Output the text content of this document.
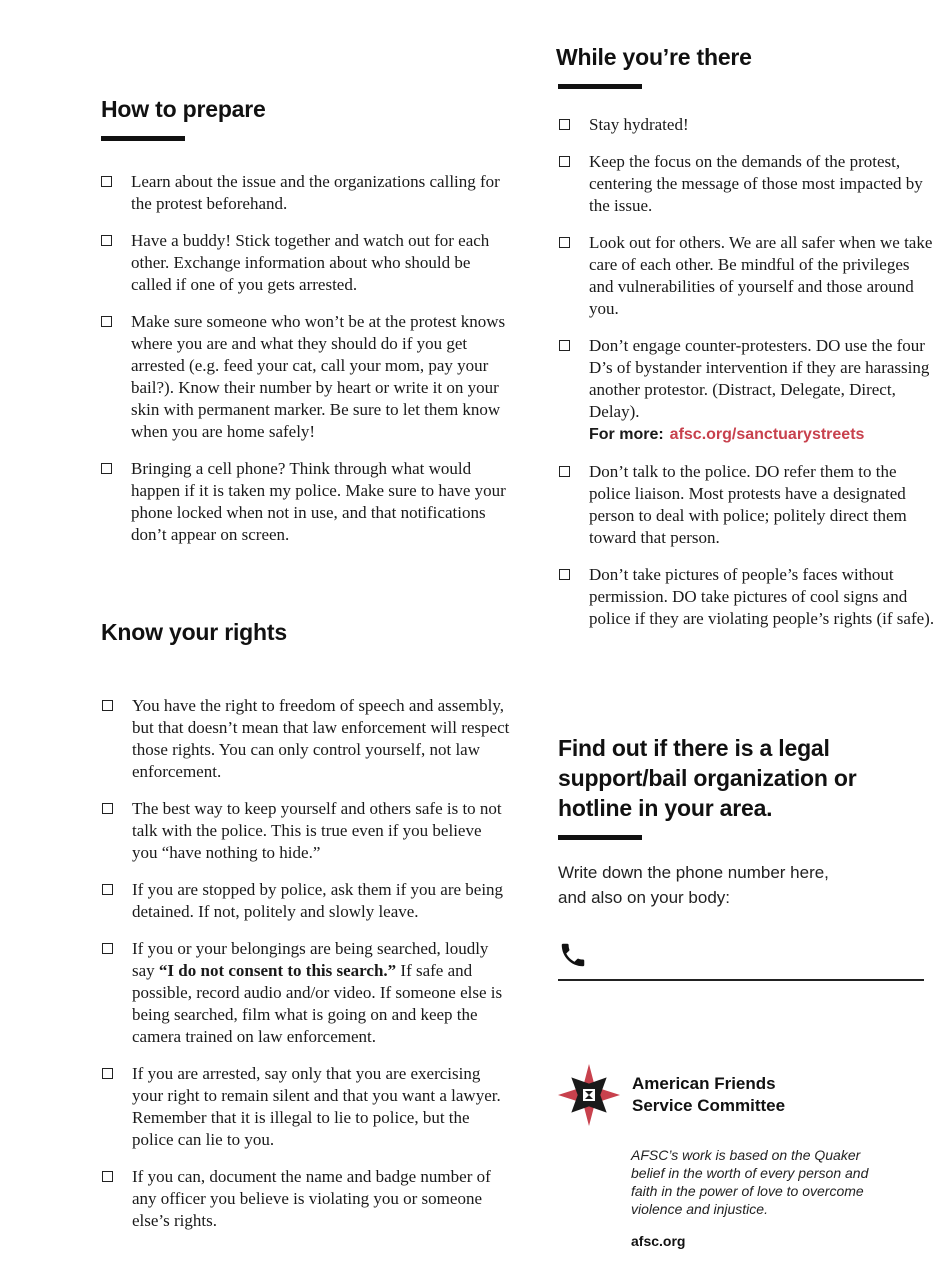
How to prepare
Learn about the issue and the organizations calling for the protest beforehand.
Have a buddy! Stick together and watch out for each other. Exchange information about who should be called if one of you gets arrested.
Make sure someone who won’t be at the protest knows where you are and what they should do if you get arrested (e.g. feed your cat, call your mom, pay your bail?). Know their number by heart or write it on your skin with permanent marker. Be sure to let them know when you are home safely!
Bringing a cell phone? Think through what would happen if it is taken my police. Make sure to have your phone locked when not in use, and that notifications don’t appear on screen.
Know your rights
You have the right to freedom of speech and assembly, but that doesn’t mean that law enforcement will respect those rights. You can only control yourself, not law enforcement.
The best way to keep yourself and others safe is to not talk with the police. This is true even if you believe you “have nothing to hide.”
If you are stopped by police, ask them if you are being detained. If not, politely and slowly leave.
If you or your belongings are being searched, loudly say “I do not consent to this search.” If safe and possible, record audio and/or video. If someone else is being searched, film what is going on and keep the camera trained on law enforcement.
If you are arrested, say only that you are exercising your right to remain silent and that you want a lawyer. Remember that it is illegal to lie to police, but the police can lie to you.
If you can, document the name and badge number of any officer you believe is violating you or someone else’s rights.
While you’re there
Stay hydrated!
Keep the focus on the demands of the protest, centering the message of those most impacted by the issue.
Look out for others. We are all safer when we take care of each other. Be mindful of the privileges and vulnerabilities of yourself and those around you.
Don’t engage counter-protesters. DO use the four D’s of bystander intervention if they are harassing another protestor. (Distract, Delegate, Direct, Delay).
For more: afsc.org/sanctuarystreets
Don’t talk to the police. DO refer them to the police liaison. Most protests have a designated person to deal with police; politely direct them toward that person.
Don’t take pictures of people’s faces without permission. DO take pictures of cool signs and police if they are violating people’s rights (if safe).
Find out if there is a legal support/bail organization or hotline in your area.
Write down the phone number here,
and also on your body:
American Friends
Service Committee
AFSC’s work is based on the Quaker belief in the worth of every person and faith in the power of love to overcome violence and injustice.
afsc.org
